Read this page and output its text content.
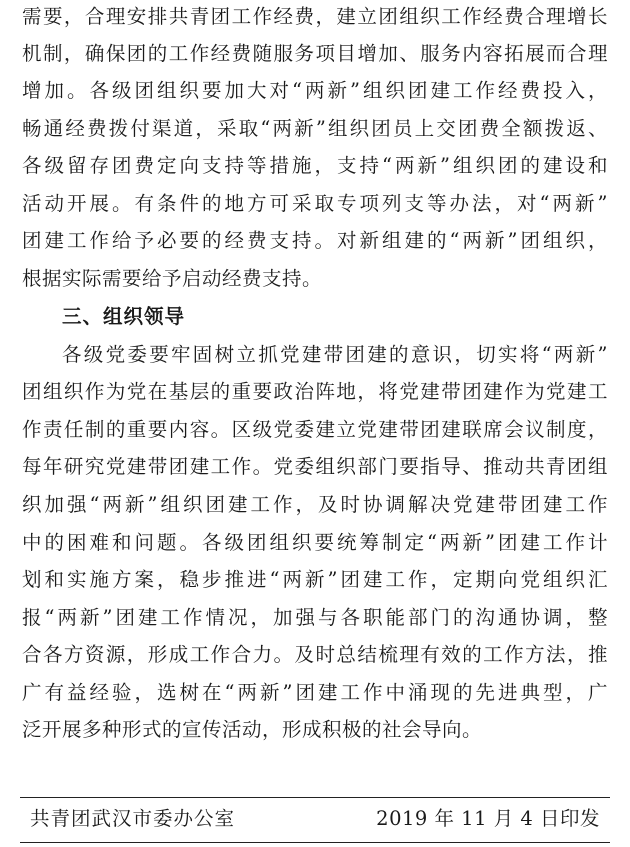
需要，合理安排共青团工作经费，建立团组织工作经费合理增长
机制，确保团的工作经费随服务项目增加、服务内容拓展而合理
增加。各级团组织要加大对“两新”组织团建工作经费投入，
畅通经费拨付渠道，采取“两新”组织团员上交团费全额拨返、
各级留存团费定向支持等措施，支持“两新”组织团的建设和
活动开展。有条件的地方可采取专项列支等办法，对“两新”
团建工作给予必要的经费支持。对新组建的“两新”团组织，
根据实际需要给予启动经费支持。
三、组织领导
各级党委要牢固树立抓党建带团建的意识，切实将“两新”
团组织作为党在基层的重要政治阵地，将党建带团建作为党建工
作责任制的重要内容。区级党委建立党建带团建联席会议制度，
每年研究党建带团建工作。党委组织部门要指导、推动共青团组
织加强“两新”组织团建工作，及时协调解决党建带团建工作
中的困难和问题。各级团组织要统筹制定“两新”团建工作计
划和实施方案，稳步推进“两新”团建工作，定期向党组织汇
报“两新”团建工作情况，加强与各职能部门的沟通协调，整
合各方资源，形成工作合力。及时总结梳理有效的工作方法，推
广有益经验，选树在“两新”团建工作中涌现的先进典型，广
泛开展多种形式的宣传活动，形成积极的社会导向。
共青团武汉市委办公室	2019 年 11 月 4 日印发
